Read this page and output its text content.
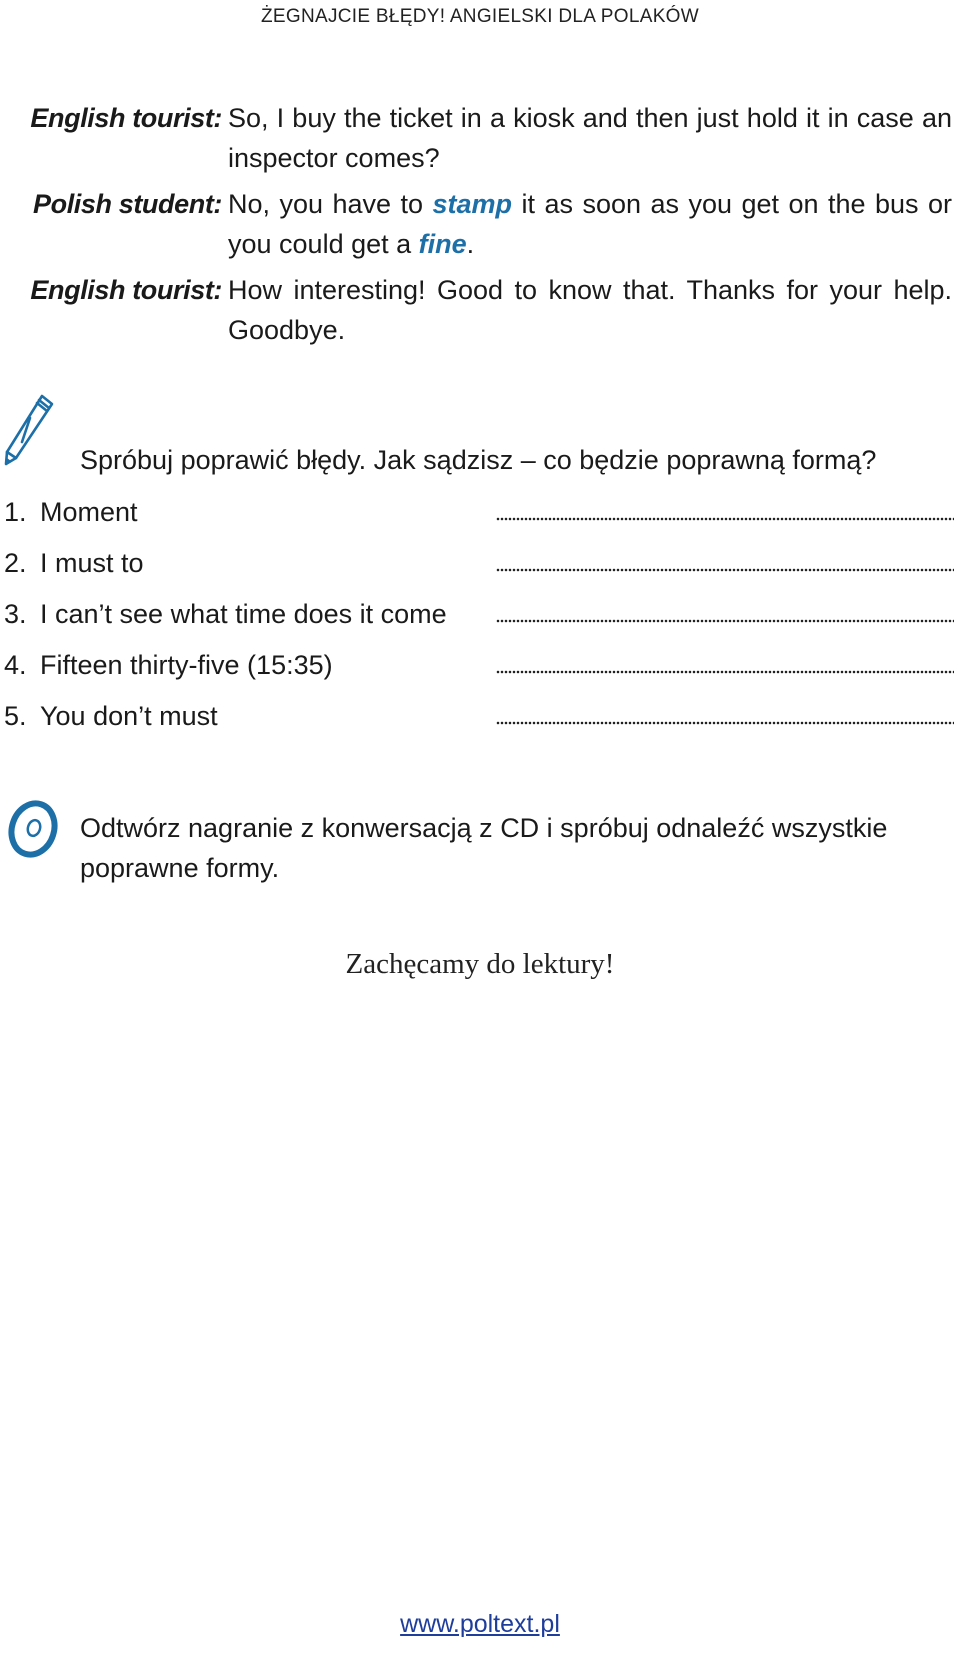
ŻEGNAJCIE BŁĘDY! ANGIELSKI DLA POLAKÓW
English tourist: So, I buy the ticket in a kiosk and then just hold it in case an inspector comes?
Polish student: No, you have to stamp it as soon as you get on the bus or you could get a fine.
English tourist: How interesting! Good to know that. Thanks for your help. Goodbye.
Spróbuj poprawić błędy. Jak sądzisz – co będzie poprawną formą?
1. Moment
2. I must to
3. I can’t see what time does it come
4. Fifteen thirty-five (15:35)
5. You don’t must
Odtwórz nagranie z konwersacją z CD i spróbuj odnaleźć wszystkie poprawne formy.
Zachęcamy do lektury!
www.poltext.pl
